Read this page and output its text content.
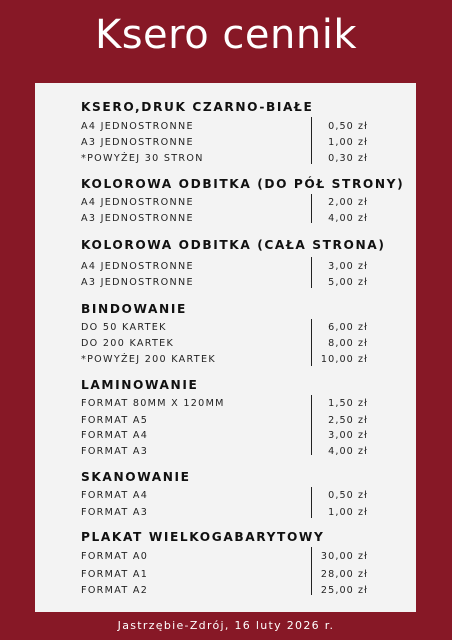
Ksero cennik
KSERO,DRUK CZARNO-BIAŁE
A4 JEDNOSTRONNE	0,50 zł
A3 JEDNOSTRONNE	1,00 zł
*POWYŻEJ 30 STRON	0,30 zł
KOLOROWA ODBITKA (DO PÓŁ STRONY)
A4 JEDNOSTRONNE	2,00 zł
A3 JEDNOSTRONNE	4,00 zł
KOLOROWA ODBITKA (CAŁA STRONA)
A4 JEDNOSTRONNE	3,00 zł
A3 JEDNOSTRONNE	5,00 zł
BINDOWANIE
DO 50 KARTEK	6,00 zł
DO 200 KARTEK	8,00 zł
*POWYŻEJ 200 KARTEK	10,00 zł
LAMINOWANIE
FORMAT 80MM X 120MM	1,50 zł
FORMAT A5	2,50 zł
FORMAT A4	3,00 zł
FORMAT A3	4,00 zł
SKANOWANIE
FORMAT A4	0,50 zł
FORMAT A3	1,00 zł
PLAKAT WIELKOGABARYTOWY
FORMAT A0	30,00 zł
FORMAT A1	28,00 zł
FORMAT A2	25,00 zł
Jastrzębie-Zdrój, 16 luty 2026 r.
